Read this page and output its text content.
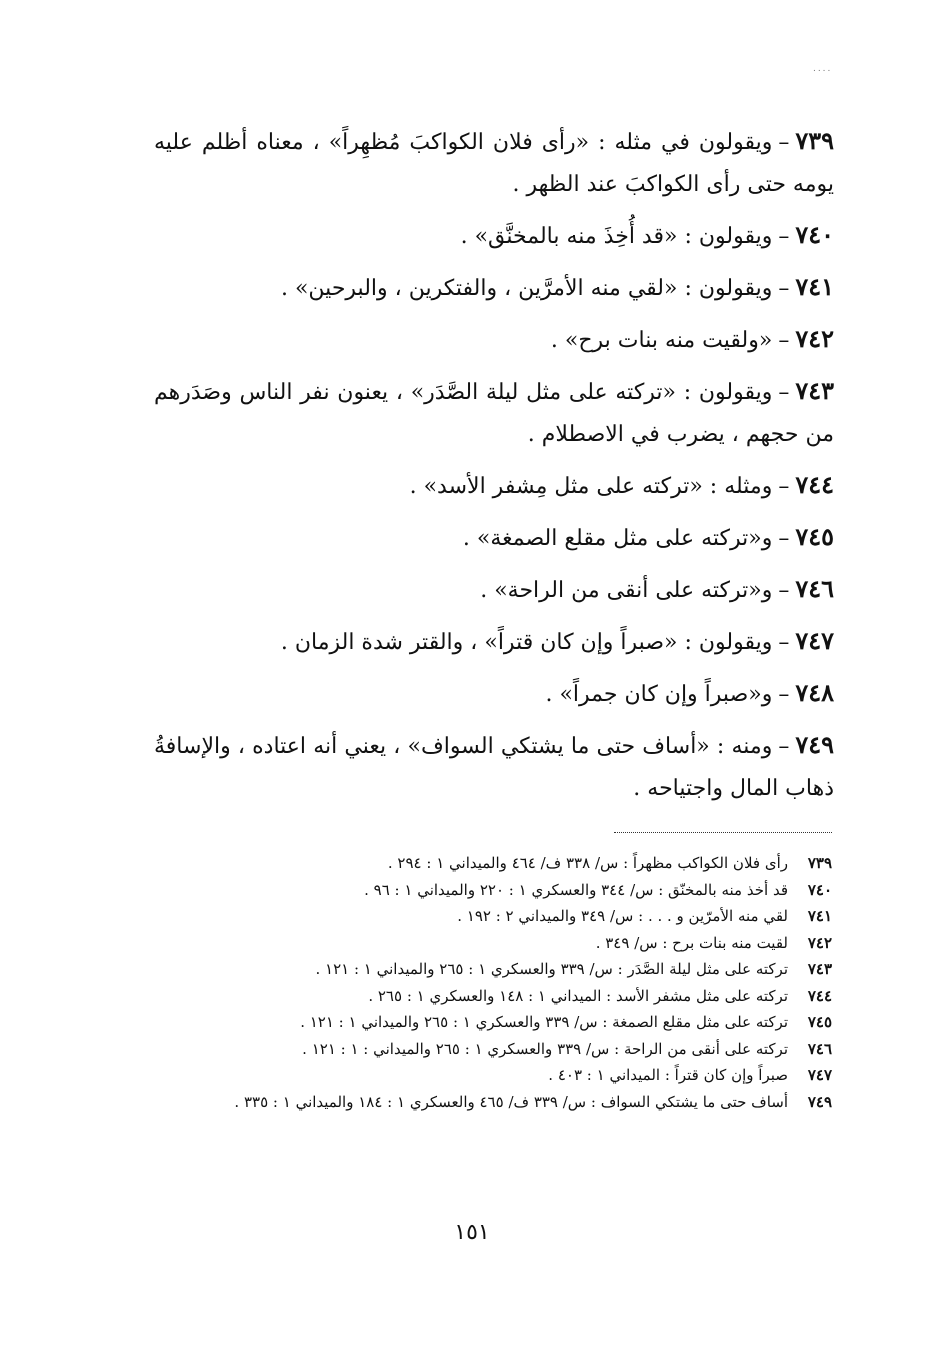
٠٠٠٠

٧٣٩–ويقولون في مثله : «رأى فلان الكواكبَ مُظهِراً» ، معناه أظلم عليه يومه حتى رأى الكواكبَ عند الظهر .

٧٤٠–ويقولون : «قد أُخِذَ منه بالمخنَّق» .

٧٤١–ويقولون : «لقي منه الأمرَّين ، والفتكرين ، والبرحين» .

٧٤٢–«ولقيت منه بنات برح» .

٧٤٣–ويقولون : «تركته على مثل ليلة الصَّدَر» ، يعنون نفر الناس وصَدَرهم من حجهم ، يضرب في الاصطلام .

٧٤٤–ومثله : «تركته على مثل مِشفر الأسد» .

٧٤٥–و«تركته على مثل مقلع الصمغة» .

٧٤٦–و«تركته على أنقى من الراحة» .

٧٤٧–ويقولون : «صبراً وإن كان قتراً» ، والقتر شدة الزمان .

٧٤٨–و«صبراً وإن كان جمراً» .

٧٤٩–ومنه : «أساف حتى ما يشتكي السواف» ، يعني أنه اعتاده ، والإسافةُ ذهاب المال واجتياحه .

٧٣٩
رأى فلان الكواكب مظهراً : س/ ٣٣٨ ف/ ٤٦٤ والميداني ١ : ٢٩٤ .
٧٤٠
قد أخذ منه بالمخنّق : س/ ٣٤٤ والعسكري ١ : ٢٢٠ والميداني ١ : ٩٦ .
٧٤١
لقي منه الأمرّين و . . . : س/ ٣٤٩ والميداني ٢ : ١٩٢ .
٧٤٢
لقيت منه بنات برح : س/ ٣٤٩ .
٧٤٣
تركته على مثل ليلة الصَّدَر : س/ ٣٣٩ والعسكري ١ : ٢٦٥ والميداني ١ : ١٢١ .
٧٤٤
تركته على مثل مشفر الأسد : الميداني ١ : ١٤٨ والعسكري ١ : ٢٦٥ .
٧٤٥
تركته على مثل مقلع الصمغة : س/ ٣٣٩ والعسكري ١ : ٢٦٥ والميداني ١ : ١٢١ .
٧٤٦
تركته على أنقى من الراحة : س/ ٣٣٩ والعسكري ١ : ٢٦٥ والميداني : ١ : ١٢١ .
٧٤٧
صبراً وإن كان قتراً : الميداني ١ : ٤٠٣ .
٧٤٩
أساف حتى ما يشتكي السواف : س/ ٣٣٩ ف/ ٤٦٥ والعسكري ١ : ١٨٤ والميداني ١ : ٣٣٥ .
١٥١
